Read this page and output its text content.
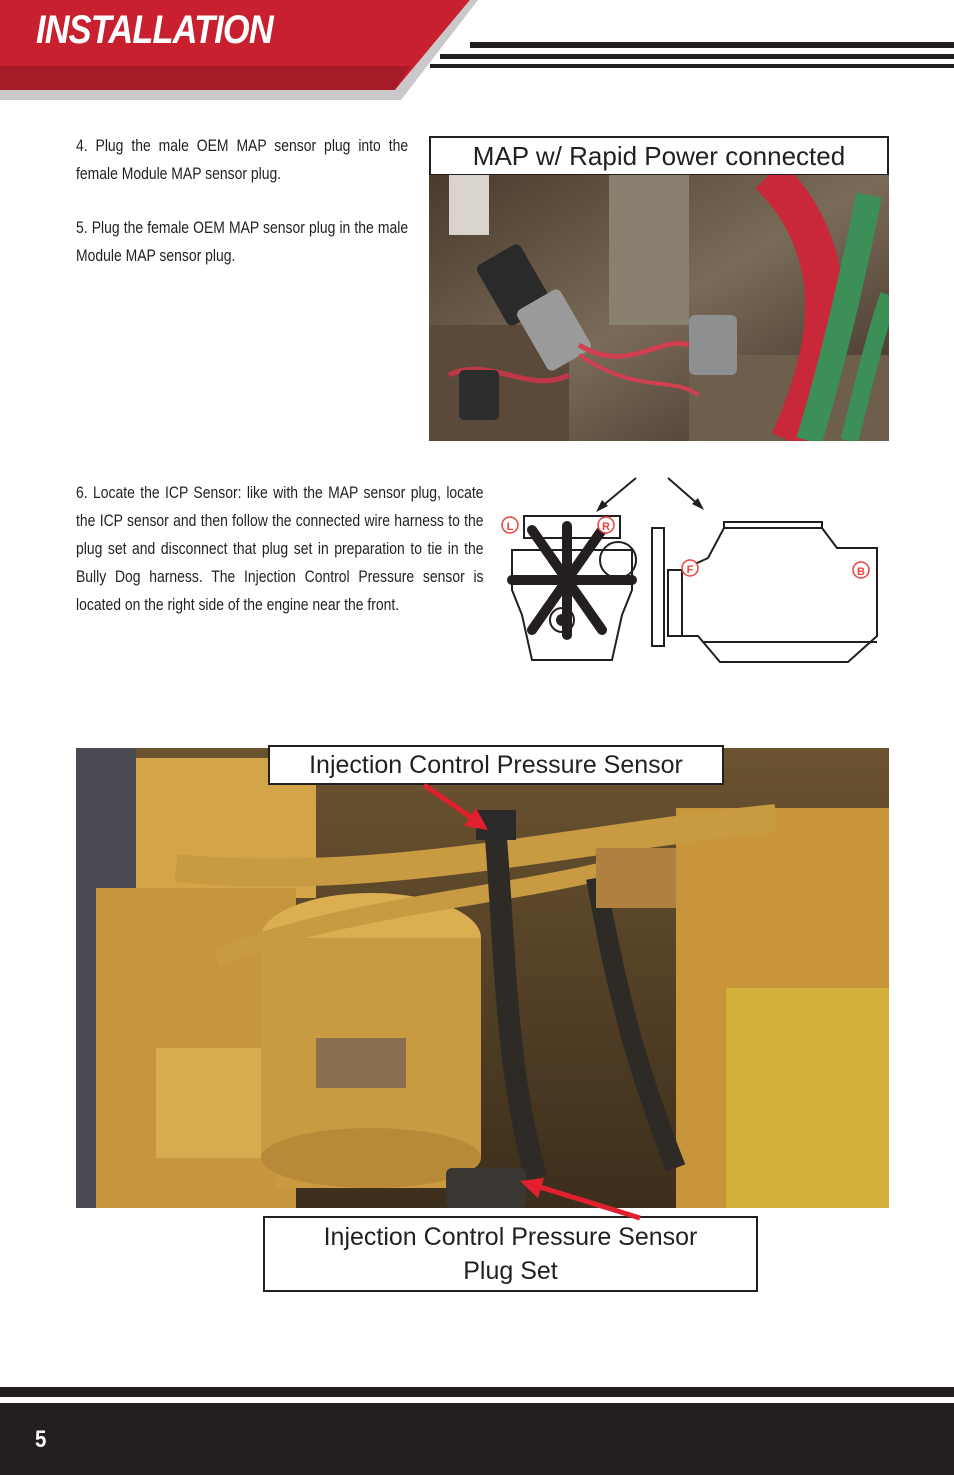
INSTALLATION
4. Plug the male OEM MAP sensor plug into the female Module MAP sensor plug.
5. Plug the female OEM MAP sensor plug in the male Module MAP sensor plug.
6. Locate the ICP Sensor: like with the MAP sensor plug, locate the ICP sensor and then follow the connected wire harness to the plug set and disconnect that plug set in preparation to tie in the Bully Dog harness. The Injection Control Pressure sensor is located on the right side of the engine near the front.
MAP w/ Rapid Power connected
L	R
F	B
Injection Control Pressure Sensor
Injection Control Pressure Sensor
Plug Set
5
